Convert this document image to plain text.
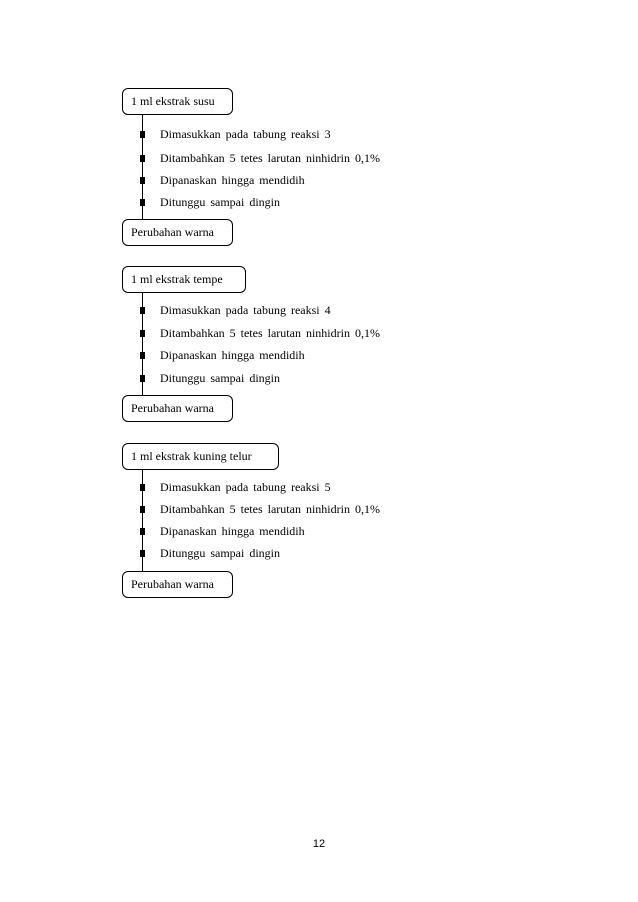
1 ml ekstrak susu
Dimasukkan pada tabung reaksi 3
Ditambahkan 5 tetes larutan ninhidrin 0,1%
Dipanaskan hingga mendidih
Ditunggu sampai dingin
Perubahan warna
1 ml ekstrak tempe
Dimasukkan pada tabung reaksi 4
Ditambahkan 5 tetes larutan ninhidrin 0,1%
Dipanaskan hingga mendidih
Ditunggu sampai dingin
Perubahan warna
1 ml ekstrak kuning telur
Dimasukkan pada tabung reaksi 5
Ditambahkan 5 tetes larutan ninhidrin 0,1%
Dipanaskan hingga mendidih
Ditunggu sampai dingin
Perubahan warna
12
